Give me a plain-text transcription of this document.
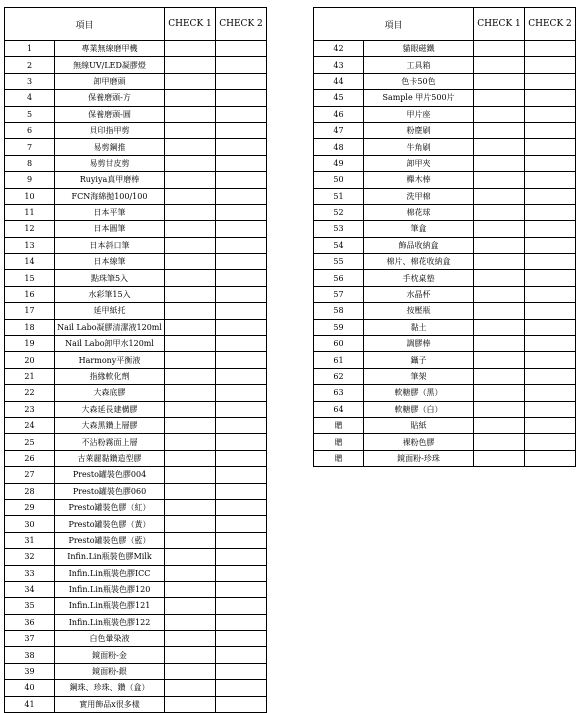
項目		CHECK 1	CHECK 2
1	專業無線磨甲機		
2	無線UV/LED凝膠燈		
3	卸甲磨頭		
4	保養磨頭-方		
5	保養磨頭-圓		
6	貝印指甲剪		
7	易剪鋼推		
8	易剪甘皮剪		
9	Ruyiya真甲磨棒		
10	FCN海綿拋100/100		
11	日本平筆		
12	日本圓筆		
13	日本斜口筆		
14	日本線筆		
15	點珠筆5入		
16	水彩筆15入		
17	延甲紙托		
18	Nail Labo凝膠清潔液120ml		
19	Nail Labo卸甲水120ml		
20	Harmony平衡液		
21	指緣軟化劑		
22	大森底膠		
23	大森延長建構膠		
24	大森黑鑽上層膠		
25	不沾粉霧面上層		
26	古萊麗黏鑽造型膠		
27	Presto罐裝色膠004		
28	Presto罐裝色膠060		
29	Presto罐裝色膠（紅）		
30	Presto罐裝色膠（黃）		
31	Presto罐裝色膠（藍）		
32	Infin.Lin瓶裝色膠Milk		
33	Infin.Lin瓶裝色膠ICC		
34	Infin.Lin瓶裝色膠120		
35	Infin.Lin瓶裝色膠121		
36	Infin.Lin瓶裝色膠122		
37	白色暈染液		
38	鏡面粉-金		
39	鏡面粉-銀		
40	鋼珠、珍珠、鑽（盒）		
41	實用飾品x很多樣		
項目		CHECK 1	CHECK 2
42	貓眼磁鐵		
43	工具箱		
44	色卡50色		
45	Sample 甲片500片		
46	甲片座		
47	粉塵刷		
48	牛角刷		
49	卸甲夾		
50	櫸木棒		
51	洗甲棉		
52	棉花球		
53	筆盒		
54	飾品收納盒		
55	棉片、棉花收納盒		
56	手枕桌墊		
57	水晶杯		
58	按壓瓶		
59	黏土		
60	調膠棒		
61	鑷子		
62	筆架		
63	軟糖膠（黑）		
64	軟糖膠（白）		
贈	貼紙		
贈	裸粉色膠		
贈	鏡面粉-珍珠		
